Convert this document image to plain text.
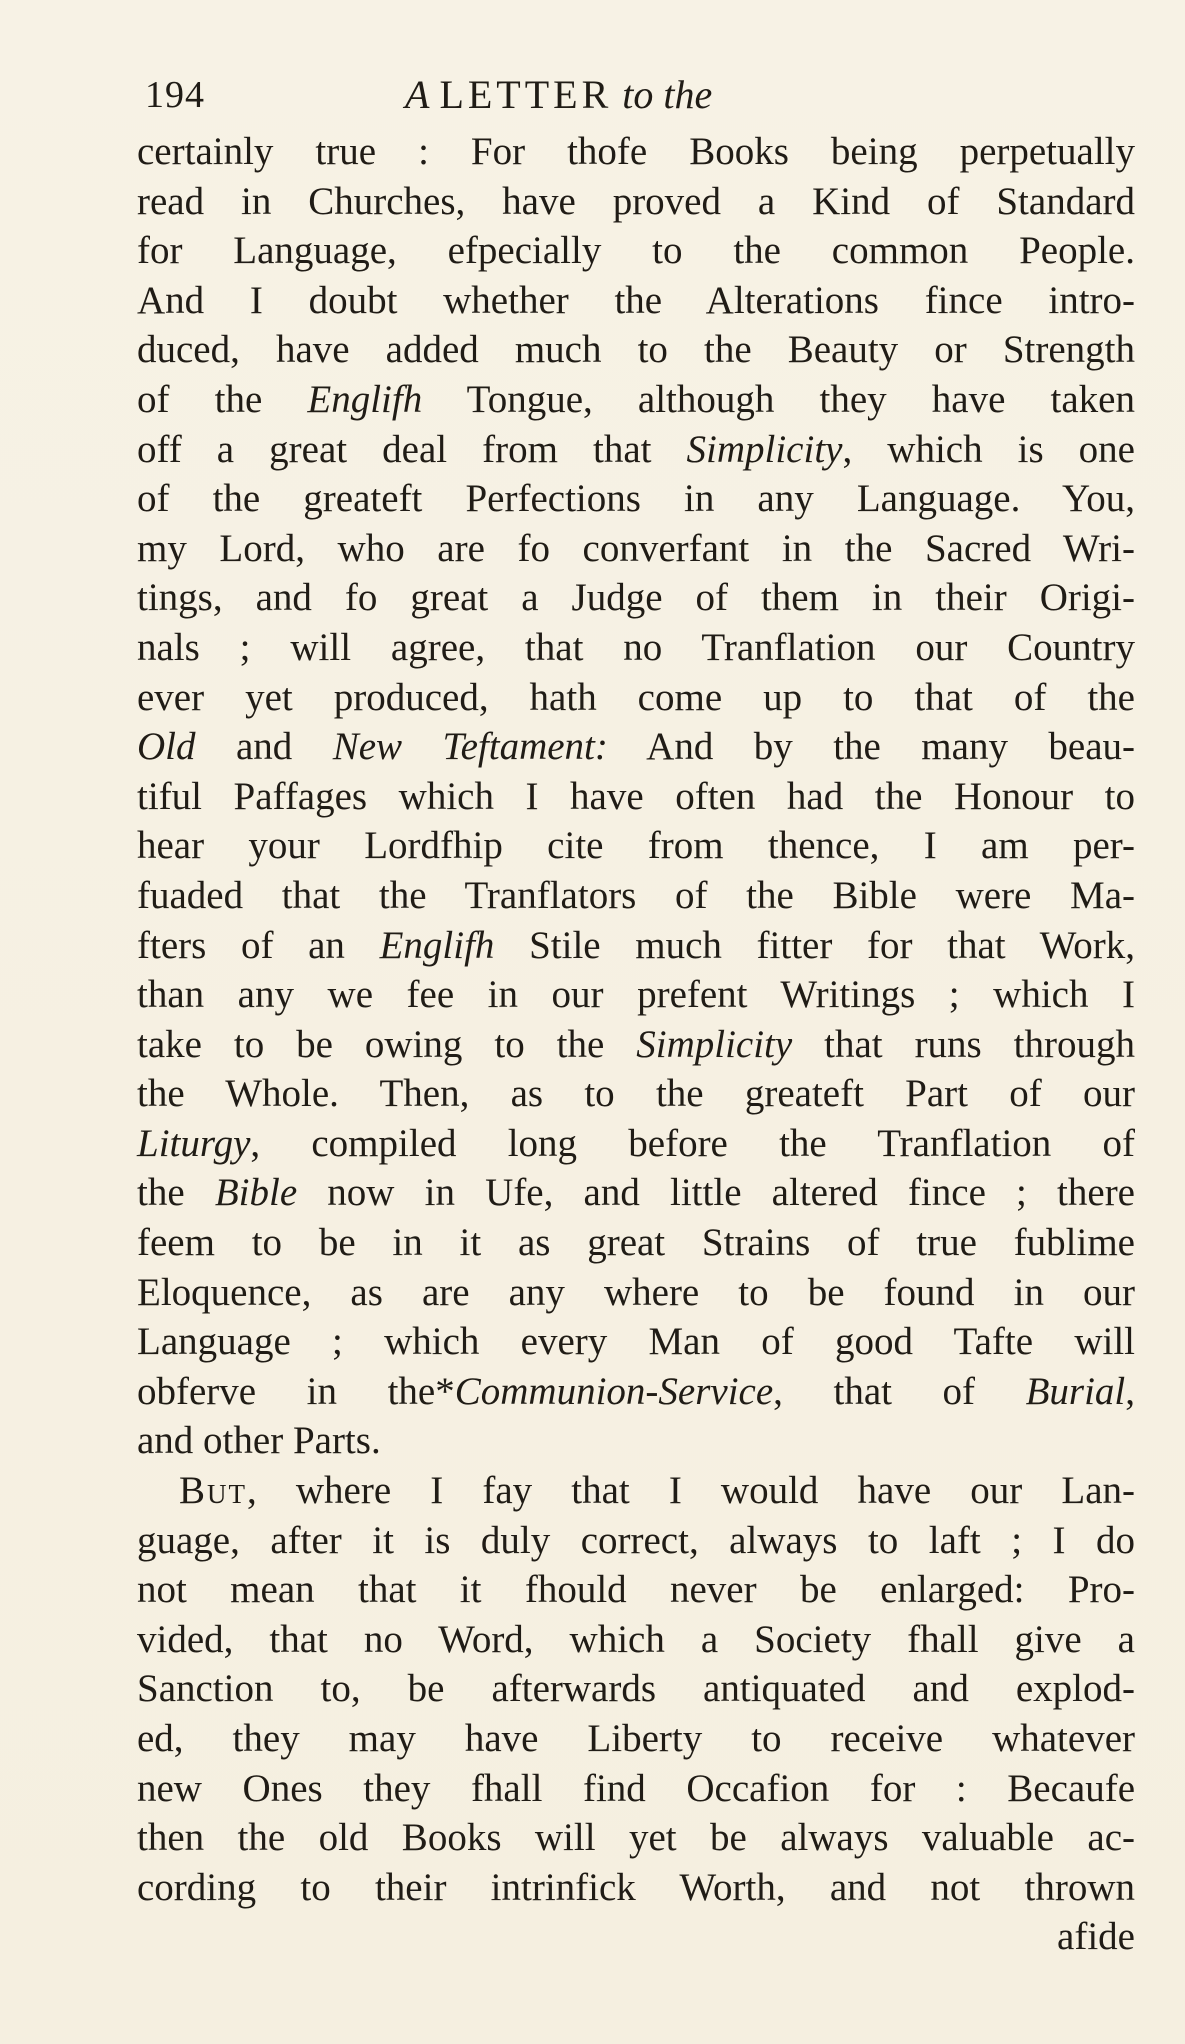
194	A LETTER to the
certainly true : For thofe Books being perpetually
read in Churches, have proved a Kind of Standard
for Language, efpecially to the common People.
And I doubt whether the Alterations fince intro-
duced, have added much to the Beauty or Strength
of the Englifh Tongue, although they have taken
off a great deal from that Simplicity, which is one
of the greateft Perfections in any Language. You,
my Lord, who are fo converfant in the Sacred Wri-
tings, and fo great a Judge of them in their Origi-
nals ; will agree, that no Tranflation our Country
ever yet produced, hath come up to that of the
Old and New Teftament: And by the many beau-
tiful Paffages which I have often had the Honour to
hear your Lordfhip cite from thence, I am per-
fuaded that the Tranflators of the Bible were Ma-
fters of an Englifh Stile much fitter for that Work,
than any we fee in our prefent Writings ; which I
take to be owing to the Simplicity that runs through
the Whole. Then, as to the greateft Part of our
Liturgy, compiled long before the Tranflation of
the Bible now in Ufe, and little altered fince ; there
feem to be in it as great Strains of true fublime
Eloquence, as are any where to be found in our
Language ; which every Man of good Tafte will
obferve in the*Communion-Service, that of Burial,
and other Parts.
But, where I fay that I would have our Lan-
guage, after it is duly correct, always to laft ; I do
not mean that it fhould never be enlarged: Pro-
vided, that no Word, which a Society fhall give a
Sanction to, be afterwards antiquated and explod-
ed, they may have Liberty to receive whatever
new Ones they fhall find Occafion for : Becaufe
then the old Books will yet be always valuable ac-
cording to their intrinfick Worth, and not thrown
afide
